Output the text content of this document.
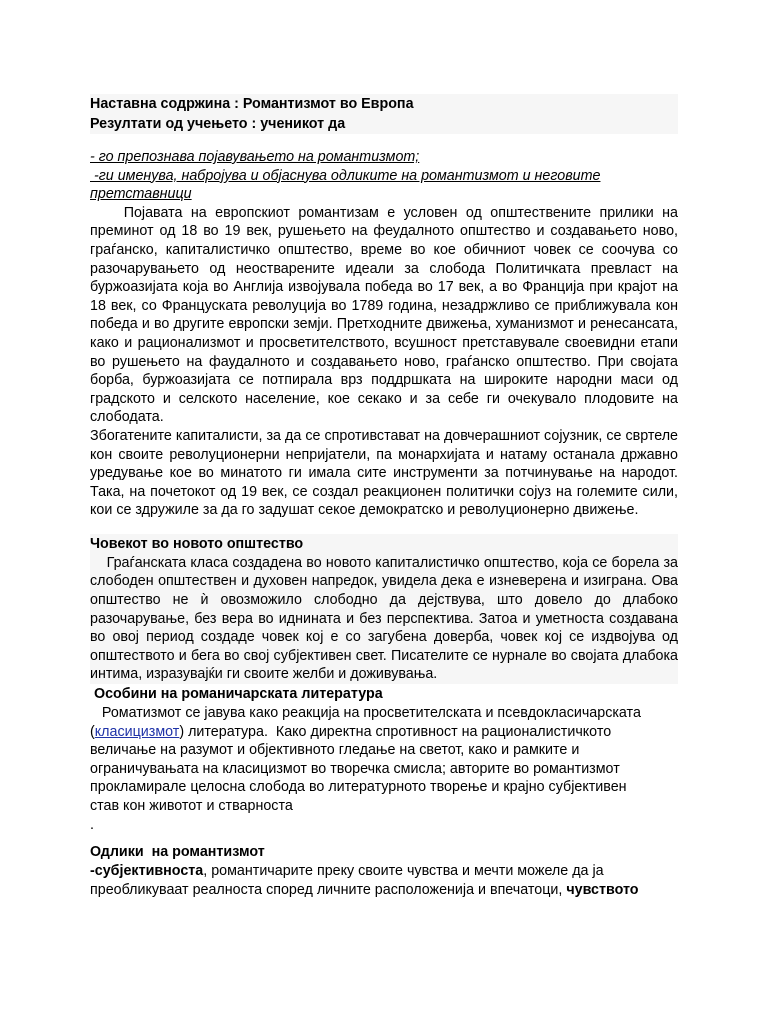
Наставна содржина : Романтизмот во Европа
Резултати од учењето : ученикот да
- го препознава појавувањето на романтизмот;
-ги именува, набројува и објаснува одликите на романтизмот и неговите
претставници
Појавата на европскиот романтизам е условен од општествените прилики на преминот од 18 во 19 век, рушењето на феудалното општество и создавањето ново, граѓанско, капиталистичко општество, време во кое обичниот човек се соочува со разочарувањето од неостварените идеали за слобода Политичката превласт на буржоазијата која во Англија извојувала победа во 17 век, а во Франција при крајот на 18 век, со Француската револуција во 1789 година, незадржливо се приближувала кон победа и во другите европски земји. Претходните движења, хуманизмот и ренесансата, како и рационализмот и просветителството, всушност претставувале своевидни етапи во рушењето на фаудалното и создавањето ново, граѓанско општество. При својата борба, буржоазијата се потпирала врз поддршката на широките народни маси од градското и селското население, кое секако и за себе ги очекувало плодовите на слободата.
Збогатените капиталисти, за да се спротивстават на довчерашниот сојузник, се свртеле кон своите револуционерни непријатели, па монархијата и натаму останала државно уредување кое во минатото ги имала сите инструменти за потчинување на народот. Така, на почетокот од 19 век, се создал реакционен политички сојуз на големите сили, кои се здружиле за да го задушат секое демократско и револуционерно движење.
Човекот во новото општество
Граѓанската класа создадена во новото капиталистичко општество, која се борела за слободен општествен и духовен напредок, увидела дека е изневерена и изиграна. Ова општество не ѝ овозможило слободно да дејствува, што довело до длабоко разочарување, без вера во иднината и без перспектива. Затоа и уметноста создавана во овој период создаде човек кој е со загубена доверба, човек кој се издвојува од општеството и бега во свој субјективен свет. Писателите се нурнале во својата длабока интима, изразувајќи ги своите желби и доживувања.
Особини на романичарската литература
Роматизмот се јавува како реакција на просветителската и псевдокласичарската
(класицизмот) литература.  Како директна спротивност на рационалистичкото
величање на разумот и објективното гледање на светот, како и рамките и
ограничувањата на класицизмот во творечка смисла; авторите во романтизмот
прокламирале целосна слобода во литературното творење и крајно субјективен
став кон животот и стварноста
.
Одлики  на романтизмот
-субјективноста, романтичарите преку своите чувства и мечти можеле да ја
преобликуваат реалноста според личните расположенија и впечатоци, чувството
